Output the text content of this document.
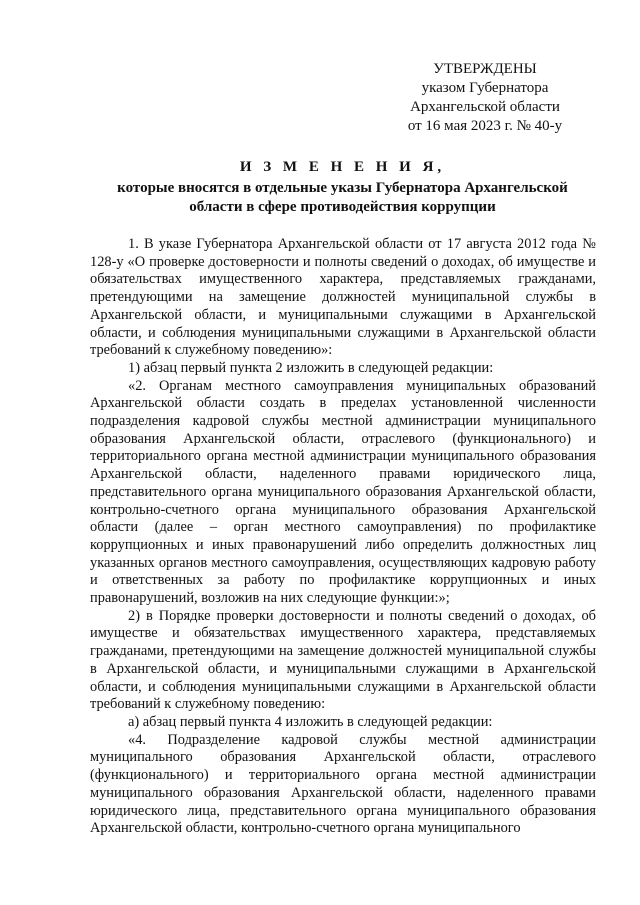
УТВЕРЖДЕНЫ
указом Губернатора
Архангельской области
от 16 мая 2023 г. № 40-у
И З М Е Н Е Н И Я,
которые вносятся в отдельные указы Губернатора Архангельской области в сфере противодействия коррупции

1. В указе Губернатора Архангельской области от 17 августа 2012 года № 128-у «О проверке достоверности и полноты сведений о доходах, об имуществе и обязательствах имущественного характера, представляемых гражданами, претендующими на замещение должностей муниципальной службы в Архангельской области, и муниципальными служащими в Архангельской области, и соблюдения муниципальными служащими в Архангельской области требований к служебному поведению»:

1) абзац первый пункта 2 изложить в следующей редакции:

«2. Органам местного самоуправления муниципальных образований Архангельской области создать в пределах установленной численности подразделения кадровой службы местной администрации муниципального образования Архангельской области, отраслевого (функционального) и территориального органа местной администрации муниципального образования Архангельской области, наделенного правами юридического лица, представительного органа муниципального образования Архангельской области, контрольно-счетного органа муниципального образования Архангельской области (далее – орган местного самоуправления) по профилактике коррупционных и иных правонарушений либо определить должностных лиц указанных органов местного самоуправления, осуществляющих кадровую работу и ответственных за работу по профилактике коррупционных и иных правонарушений, возложив на них следующие функции:»;

2) в Порядке проверки достоверности и полноты сведений о доходах, об имуществе и обязательствах имущественного характера, представляемых гражданами, претендующими на замещение должностей муниципальной службы в Архангельской области, и муниципальными служащими в Архангельской области, и соблюдения муниципальными служащими в Архангельской области требований к служебному поведению:

а) абзац первый пункта 4 изложить в следующей редакции:

«4. Подразделение кадровой службы местной администрации муниципального образования Архангельской области, отраслевого (функционального) и территориального органа местной администрации муниципального образования Архангельской области, наделенного правами юридического лица, представительного органа муниципального образования Архангельской области, контрольно-счетного органа муниципального
